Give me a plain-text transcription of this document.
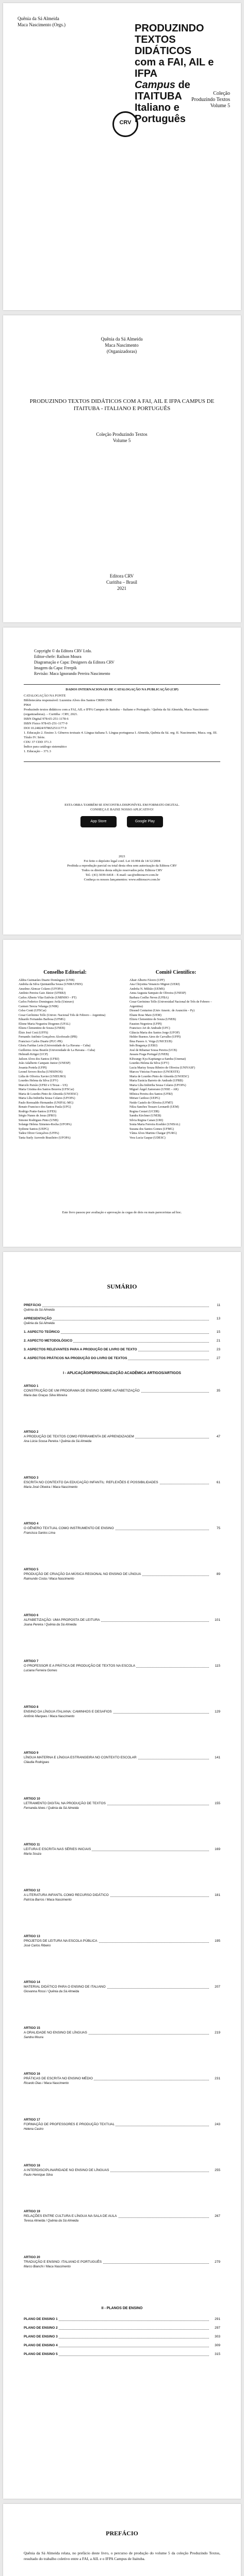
Quênia da Sá Almeida
Maca Nascimento (Orgs.)	PRODUZINDO
TEXTOS DIDÁTICOS
com a FAI, AIL e IFPA
Campus de ITAITUBA
Italiano e Português
Coleção
Produzindo Textos
Volume 5
CRV
Quênia da Sá Almeida
Maca Nascimento
(Organizadoras)
PRODUZINDO TEXTOS DIDÁTICOS COM A FAI, AIL E IFPA CAMPUS DE ITAITUBA - ITALIANO E PORTUGUÊS
Coleção Produzindo Textos
Volume 5
Editora CRV
Curitiba – Brasil
2021
Copyright © da Editora CRV Ltda.
Editor-chefe: Railson Moura
Diagramação e Capa: Designers da Editora CRV
Imagem da Capa: Freepik
Revisão: Maca Ignorando Pereira Nascimento
DADOS INTERNACIONAIS DE CATALOGAÇÃO NA PUBLICAÇÃO (CIP)
CATALOGAÇÃO NA FONTE
Bibliotecária responsável: Luzenira Alves dos Santos CRB9/1506
P964
Produzindo textos didáticos com a FAI, AIL e IFPA Campus de Itaituba – Italiano e Português / Quênia da Sá Almeida, Maca Nascimento (organizadoras). – Curitiba : CRV, 2021.
ISBN Digital 978-65-251-1178-6
ISBN Físico 978-65-251-1177-9
DOI 10.24824/978652511177.9
1. Educação 2. Ensino 3. Gêneros textuais 4. Língua italiana 5. Língua portuguesa I. Almeida, Quênia da Sá. org. II. Nascimento, Maca. org. III. Título IV. Série.
CDU 37 CDD 371.3
Índice para catálogo sistemático
1. Educação – 371.3
ESTA OBRA TAMBÉM SE ENCONTRA DISPONÍVEL EM FORMATO DIGITAL.
CONHEÇA E BAIXE NOSSO APLICATIVO!
App Store	Google Play
2021
Foi feito o depósito legal conf. Lei 10.994 de 14/12/2004
Proibida a reprodução parcial ou total desta obra sem autorização da Editora CRV
Todos os direitos desta edição reservados pela: Editora CRV
Tel.: (41) 3039-6418 – E-mail: sac@editoracrv.com.br
Conheça os nossos lançamentos: www.editoracrv.com.br
Conselho Editorial:
Aldira Guimarães Duarte Domínguez (UNB)
Andréia da Silva Quintanilha Sousa (UNIR/UFRN)
Anselmo Alencar Colares (UFOPA)
Antônio Pereira Gaio Júnior (UFRRJ)
Carlos Alberto Vilar Estêvão (UMINHO – PT)
Carlos Federico Dominguez Avila (Unieuro)
Carmen Tereza Velanga (UNIR)
Celso Conti (UFSCar)
Cesar Gerônimo Tello (Univer. Nacional Três de Febrero – Argentina)
Eduardo Fernandes Barbosa (UFMG)
Elione Maria Nogueira Diogenes (UFAL)
Elizeu Clementino de Souza (UNEB)
Élsio José Corá (UFFS)
Fernando Antônio Gonçalves Alcoforado (IPB)
Francisco Carlos Duarte (PUC-PR)
Gloria Fariñas León (Universidade de La Havana – Cuba)
Guillermo Arias Beatón (Universidade de La Havana – Cuba)
Helmuth Krüger (UCP)
Jailson Alves dos Santos (UFRJ)
João Adalberto Campato Junior (UNESP)
Josania Portela (UFPI)
Leonel Severo Rocha (UNISINOS)
Lídia de Oliveira Xavier (UNIEURO)
Lourdes Helena da Silva (UFV)
Marcelo Paixão (UFRJ e UTexas – US)
Maria Cristina dos Santos Bezerra (UFSCar)
Maria de Lourdes Pinto de Almeida (UNOESC)
Maria Lília Imbiriba Sousa Colares (UFOPA)
Paulo Romualdo Hernandes (UNIFAL-MG)
Renato Francisco dos Santos Paula (UFG)
Rodrigo Pratte-Santos (UFES)
Sérgio Nunes de Jesus (IFRO)
Simone Rodrigues Pinto (UNB)
Solange Helena Ximenes-Rocha (UFOPA)
Sydione Santos (UEPG)
Tadeu Oliver Gonçalves (UFPA)
Tania Suely Azevedo Brasileiro (UFOPA)
Comitê Científico:
Altair Alberto Fávero (UPF)
Ana Chrystina Venancio Mignot (UERJ)
Andréia N. Militão (UEMS)
Anna Augusta Sampaio de Oliveira (UNESP)
Barbara Coelho Neves (UFBA)
Cesar Gerónimo Tello (Universidad Nacional de Três de Febrero – Argentina)
Diosnel Centurion (Univ Americ. de Asunción – Py)
Eliane Rose Maio (UEM)
Elizeu Clementino de Souza (UNEB)
Fauston Negreiros (UFPI)
Francisco Ari de Andrade (UFC)
Gláucia Maria dos Santos Jorge (UFOP)
Helder Buenos Aires de Carvalho (UFPI)
Ilma Passos A. Veiga (UNICEUB)
Inês Bragança (UERJ)
José de Ribamar Sousa Pereira (UCB)
Jussara Fraga Portugal (UNEB)
Kilwangy Kya Kapitango-a-Samba (Unemat)
Lourdes Helena da Silva (UFV)
Lucia Marisy Souza Ribeiro de Oliveira (UNIVASF)
Marcos Vinicius Francisco (UNOESTE)
Maria de Lourdes Pinto de Almeida (UNOESC)
Maria Eurácia Barreto de Andrade (UFRB)
Maria Lília Imbiriba Sousa Colares (UFOPA)
Míguel Ángel Zamorano (UNSE – AR)
Mônica Pereira dos Santos (UFRJ)
Mirian Cardoso (UEPG)
Neide Castelo de Oliveira (UFMT)
Nilza Sanches Tessaro Leonardi (UEM)
Regina Cestari (UCDB)
Sandra Kirchner (UNEB)
Silvia Regina Canan (URI)
Sonia Maria Ferreira Koehler (UNISAL)
Suzana dos Santos Gomes (UFMG)
Vânia Alves Martins Chaigar (FURG)
Vera Lucia Gaspar (UDESC)
Este livro passou por avaliação e aprovação às cegas de dois ou mais pareceristas ad hoc.
SUMÁRIO
PREFÁCIO	11
Quênia da Sá Almeida
APRESENTAÇÃO	13
Quênia da Sá Almeida
1. ASPECTO TEÓRICO	15
2. ASPECTO METODOLÓGICO	21
3. ASPECTOS RELEVANTES PARA A PRODUÇÃO DE LIVRO DE TEXTO	23
4. ASPECTOS PRÁTICOS NA PRODUÇÃO DO LIVRO DE TEXTOS	27
I - APLICAÇÃO/PERSONALIZAÇÃO ACADÊMICA ARTIGOS/ARTIGOS
ARTIGO 1
CONSTRUÇÃO DE UM PROGRAMA DE ENSINO SOBRE ALFABETIZAÇÃO	35
Maria das Graças Silva Moreira
ARTIGO 2
A PRODUÇÃO DE TEXTOS COMO FERRAMENTA DE APRENDIZAGEM	47
Ana Lúcia Sousa Pereira / Quênia da Sá Almeida
ARTIGO 3
ESCRITA NO CONTEXTO DA EDUCAÇÃO INFANTIL: REFLEXÕES E POSSIBILIDADES	61
Maria José Oliveira / Maca Nascimento
ARTIGO 4
O GÊNERO TEXTUAL COMO INSTRUMENTO DE ENSINO	75
Francisca Santos Lima
ARTIGO 5
PRODUÇÃO DE CRIAÇÃO DA MÚSICA REGIONAL NO ENSINO DE LÍNGUA	89
Raimundo Costa / Maca Nascimento
ARTIGO 6
ALFABETIZAÇÃO: UMA PROPOSTA DE LEITURA	101
Joana Pereira / Quênia da Sá Almeida
ARTIGO 7
O PROFESSOR E A PRÁTICA DE PRODUÇÃO DE TEXTOS NA ESCOLA	115
Luciana Ferreira Gomes
ARTIGO 8
ENSINO DA LÍNGUA ITALIANA: CAMINHOS E DESAFIOS	129
Antônio Marques / Maca Nascimento
ARTIGO 9
LÍNGUA MATERNA E LÍNGUA ESTRANGEIRA NO CONTEXTO ESCOLAR	141
Cláudia Rodrigues
ARTIGO 10
LETRAMENTO DIGITAL NA PRODUÇÃO DE TEXTOS	155
Fernanda Alves / Quênia da Sá Almeida
ARTIGO 11
LEITURA E ESCRITA NAS SÉRIES INICIAIS	169
Marta Souza
ARTIGO 12
A LITERATURA INFANTIL COMO RECURSO DIDÁTICO	181
Patrícia Barros / Maca Nascimento
ARTIGO 13
PROJETOS DE LEITURA NA ESCOLA PÚBLICA	195
José Carlos Ribeiro
ARTIGO 14
MATERIAL DIDÁTICO PARA O ENSINO DE ITALIANO	207
Giovanna Rossi / Quênia da Sá Almeida
ARTIGO 15
A ORALIDADE NO ENSINO DE LÍNGUAS	219
Sandra Moura
ARTIGO 16
PRÁTICAS DE ESCRITA NO ENSINO MÉDIO	231
Ricardo Dias / Maca Nascimento
ARTIGO 17
FORMAÇÃO DE PROFESSORES E PRODUÇÃO TEXTUAL	243
Helena Castro
ARTIGO 18
A INTERDISCIPLINARIDADE NO ENSINO DE LÍNGUAS	255
Paulo Henrique Silva
ARTIGO 19
RELAÇÕES ENTRE CULTURA E LÍNGUA NA SALA DE AULA	267
Teresa Almeida / Quênia da Sá Almeida
ARTIGO 20
TRADUÇÃO E ENSINO: ITALIANO E PORTUGUÊS	279
Marco Bianchi / Maca Nascimento
II - PLANOS DE ENSINO
PLANO DE ENSINO 1	291
PLANO DE ENSINO 2	297
PLANO DE ENSINO 3	303
PLANO DE ENSINO 4	309
PLANO DE ENSINO 5	315
PREFÁCIO
Quênia da Sá Almeida relata, no prefácio deste livro, o percurso de produção do volume 5 da coleção Produzindo Textos, resultado do trabalho coletivo entre a FAI, a AIL e o IFPA Campus de Itaituba.
